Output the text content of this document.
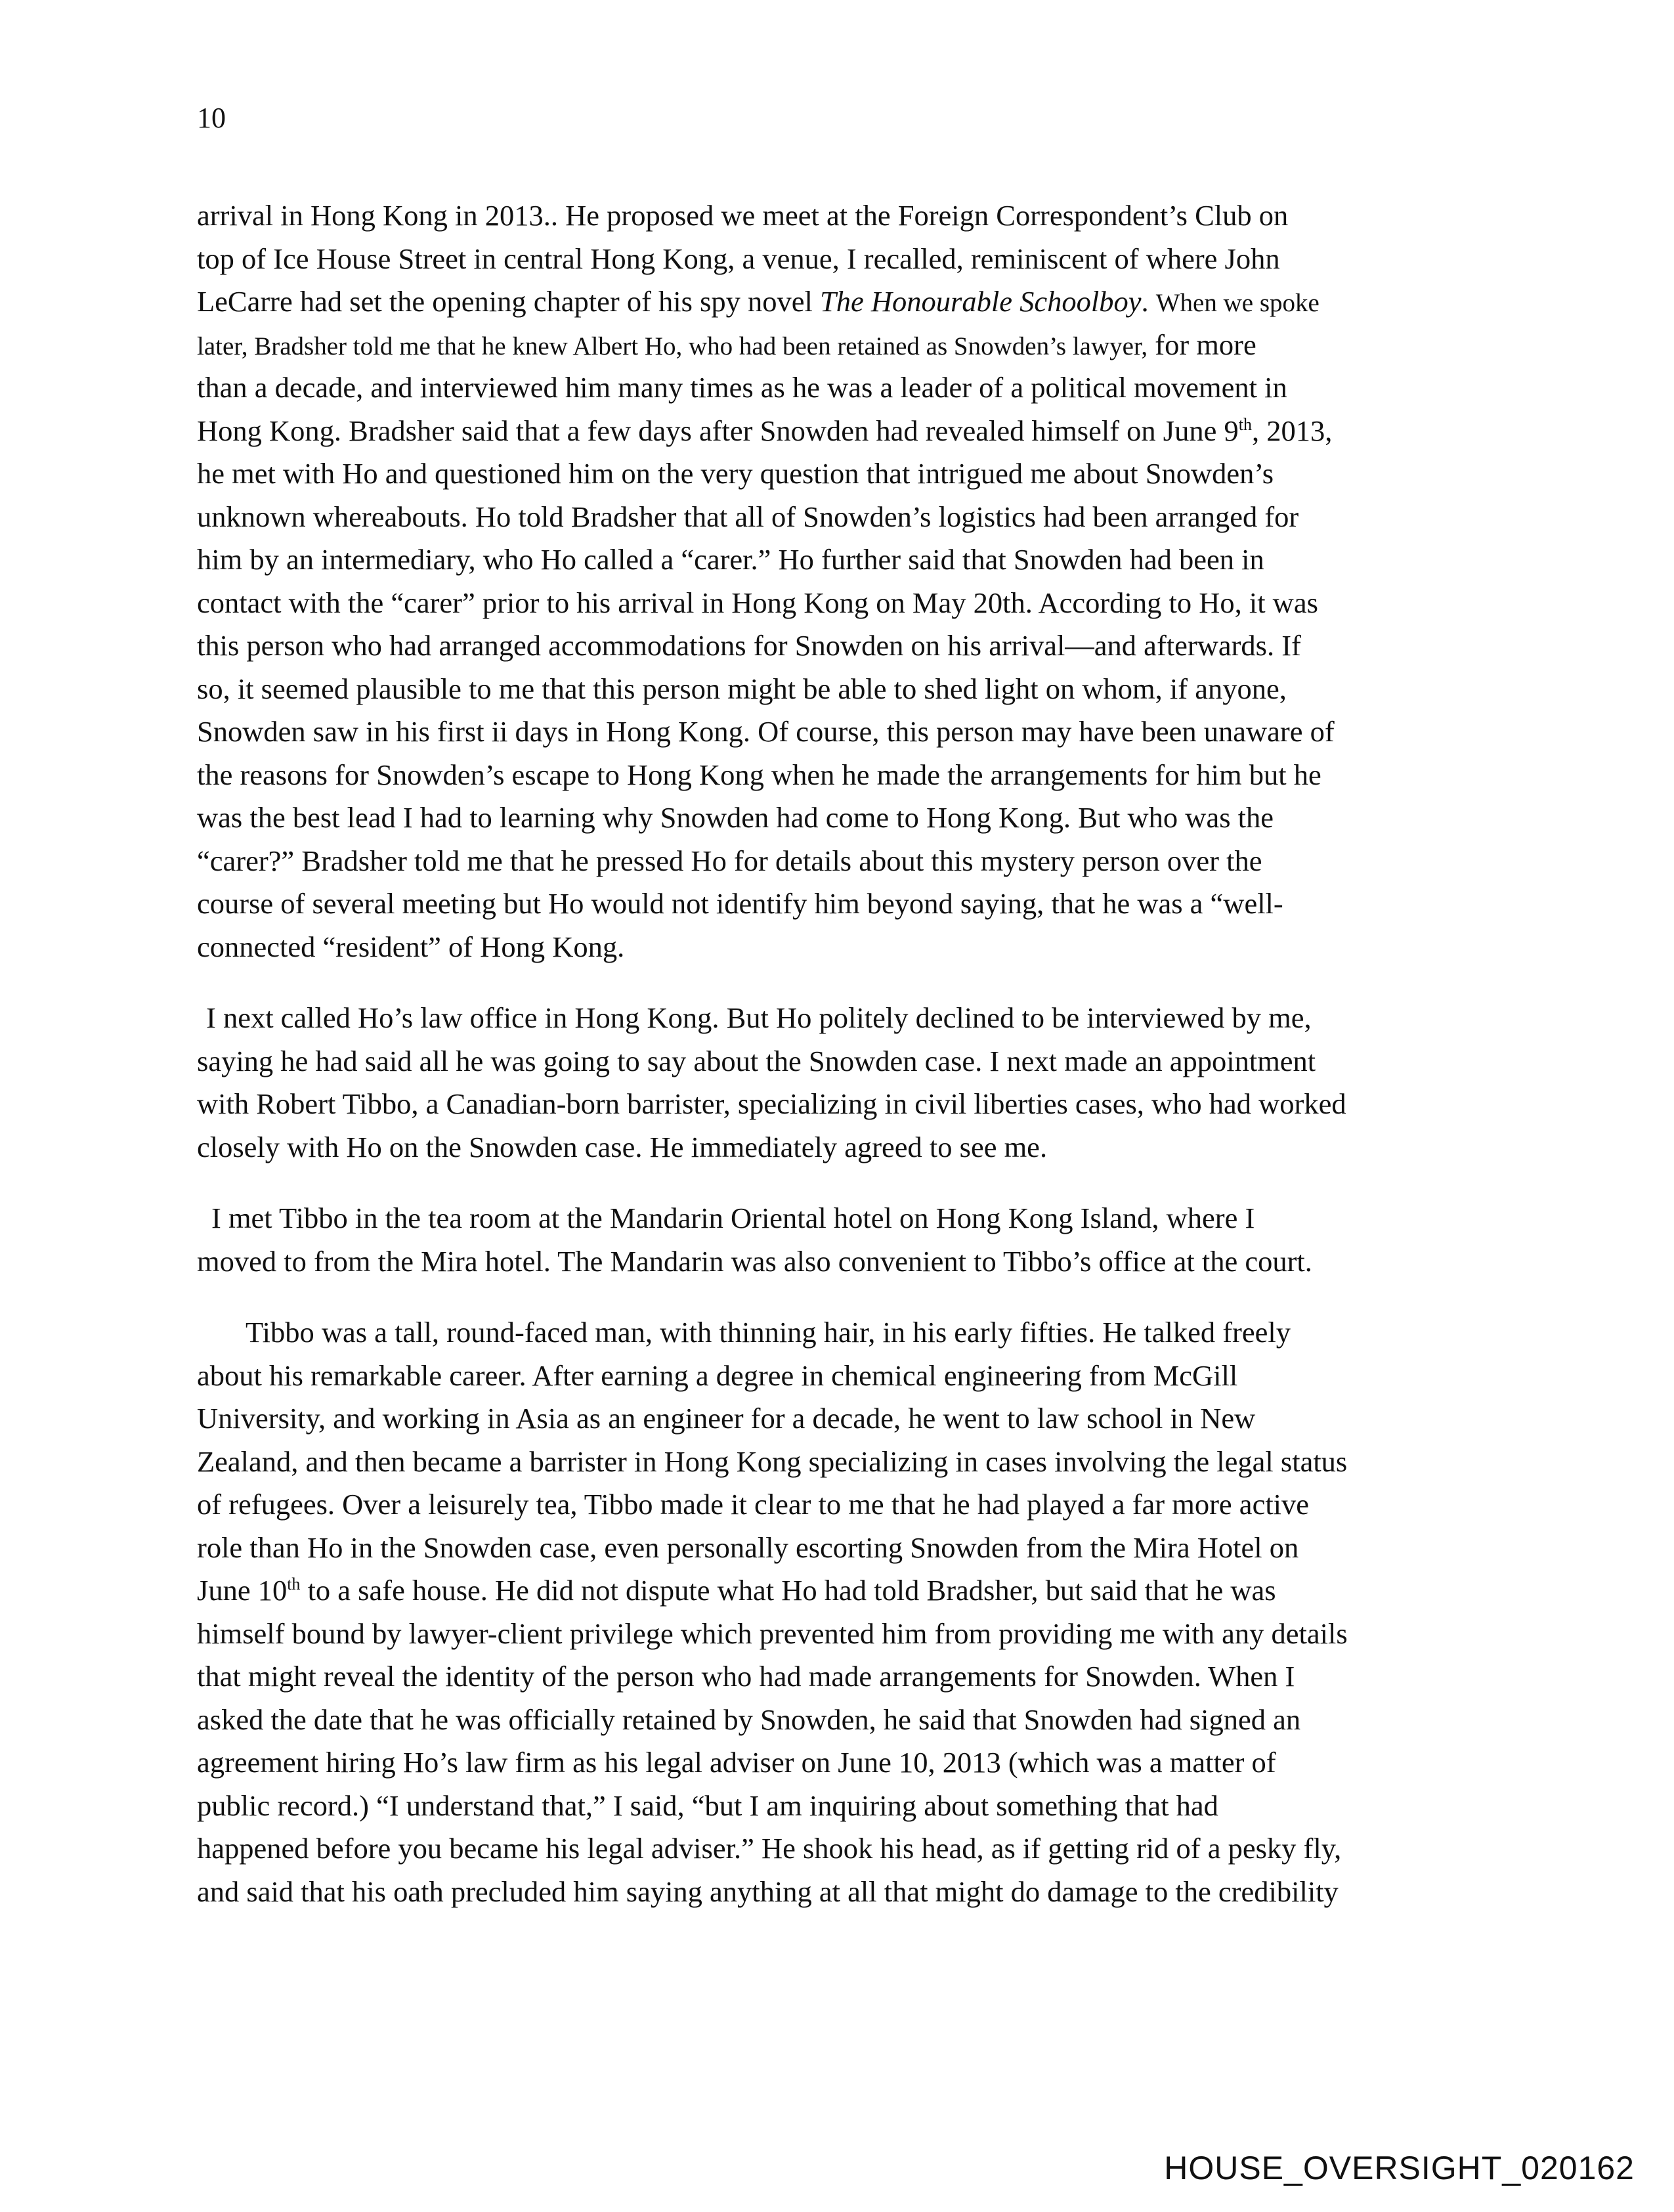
10

arrival in Hong Kong in 2013.. He proposed we meet at the Foreign Correspondent’s Club on
top of Ice House Street in central Hong Kong, a venue, I recalled, reminiscent of where John
LeCarre had set the opening chapter of his spy novel The Honourable Schoolboy. When we spoke
later, Bradsher told me that he knew Albert Ho, who had been retained as Snowden’s lawyer, for more
than a decade, and interviewed him many times as he was a leader of a political movement in
Hong Kong. Bradsher said that a few days after Snowden had revealed himself on June 9th, 2013,
he met with Ho and questioned him on the very question that intrigued me about Snowden’s
unknown whereabouts. Ho told Bradsher that all of Snowden’s logistics had been arranged for
him by an intermediary, who Ho called a “carer.” Ho further said that Snowden had been in
contact with the “carer” prior to his arrival in Hong Kong on May 20th. According to Ho, it was
this person who had arranged accommodations for Snowden on his arrival—and afterwards. If
so, it seemed plausible to me that this person might be able to shed light on whom, if anyone,
Snowden saw in his first ii days in Hong Kong. Of course, this person may have been unaware of
the reasons for Snowden’s escape to Hong Kong when he made the arrangements for him but he
was the best lead I had to learning why Snowden had come to Hong Kong. But who was the
“carer?” Bradsher told me that he pressed Ho for details about this mystery person over the
course of several meeting but Ho would not identify him beyond saying, that he was a “well-
connected “resident” of Hong Kong.

I next called Ho’s law office in Hong Kong. But Ho politely declined to be interviewed by me,
saying he had said all he was going to say about the Snowden case. I next made an appointment
with Robert Tibbo, a Canadian-born barrister, specializing in civil liberties cases, who had worked
closely with Ho on the Snowden case. He immediately agreed to see me.

I met Tibbo in the tea room at the Mandarin Oriental hotel on Hong Kong Island, where I
moved to from the Mira hotel. The Mandarin was also convenient to Tibbo’s office at the court.

Tibbo was a tall, round-faced man, with thinning hair, in his early fifties. He talked freely
about his remarkable career. After earning a degree in chemical engineering from McGill
University, and working in Asia as an engineer for a decade, he went to law school in New
Zealand, and then became a barrister in Hong Kong specializing in cases involving the legal status
of refugees. Over a leisurely tea, Tibbo made it clear to me that he had played a far more active
role than Ho in the Snowden case, even personally escorting Snowden from the Mira Hotel on
June 10th to a safe house. He did not dispute what Ho had told Bradsher, but said that he was
himself bound by lawyer-client privilege which prevented him from providing me with any details
that might reveal the identity of the person who had made arrangements for Snowden. When I
asked the date that he was officially retained by Snowden, he said that Snowden had signed an
agreement hiring Ho’s law firm as his legal adviser on June 10, 2013 (which was a matter of
public record.) “I understand that,” I said, “but I am inquiring about something that had
happened before you became his legal adviser.” He shook his head, as if getting rid of a pesky fly,
and said that his oath precluded him saying anything at all that might do damage to the credibility

HOUSE_OVERSIGHT_020162
